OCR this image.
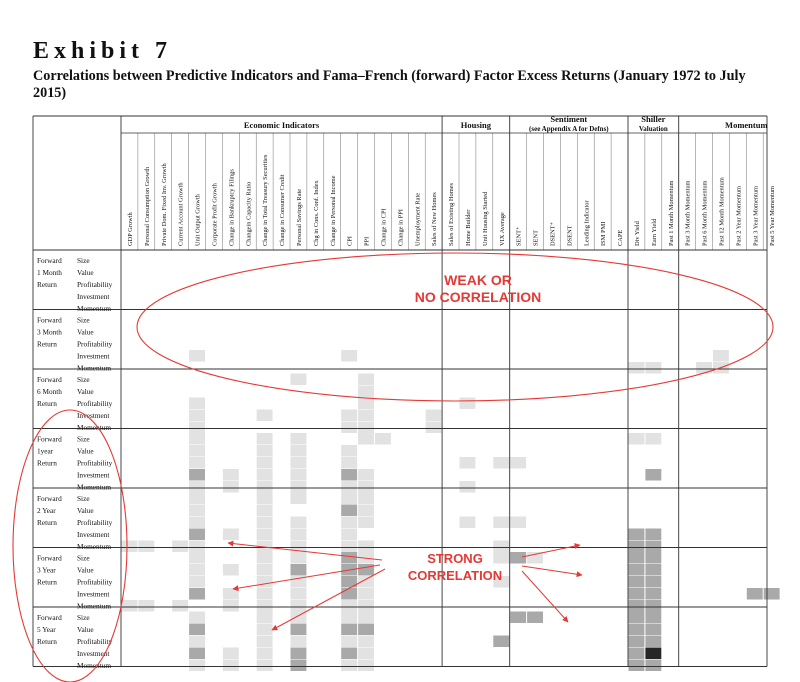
Exhibit 7
Correlations between Predictive Indicators and Fama–French (forward) Factor Excess Returns (January 1972 to July 2015)
Economic Indicators	Housing
Sentiment
(see Appendix A for Defns)
Shiller
Valuation	Momentum
GDP Growth Personal Consumption Growth Private Dom. Fixed Inv. Growth Current Account Growth Unit Output Growth Corporate Profit Growth Change in Bankruptcy Filings Changein Capacity Ratio Change in Total Treasury Securities Change in Consumer Credit Personal Savings Rate Chg in Cons. Conf. Index Change in Personal Income CPI PPI Change in CPI Change in PPI Unemployment Rate Sales of New Homes Sales of Existing Homes Home Builder Unit Housing Started VIX Average SENT⁺ SENT DSENT⁺ DSENT Leading Indicator ISM PMI CAPE Div Yield Earn Yield Past 1 Month Momentum Past 3 Month Momentum Past 6 Month Momentum Past 12 Month Momentum Past 2 Year Momentum Past 3 Year Momentum Past 5 Year Momentum
Forward
1 Month
Return
Size
Value
Profitability
Investment
Momentum
Forward
3 Month
Return
Size
Value
Profitability
Investment
Momentum
Forward
6 Month
Return
Size
Value
Profitability
Investment
Momentum
Forward
1year
Return
Size
Value
Profitability
Investment
Momentum
Forward
2 Year
Return
Size
Value
Profitability
Investment
Momentum
Forward
3 Year
Return
Size
Value
Profitability
Investment
Momentum
Forward
5 Year
Return
Size
Value
Profitability
Investment
Momentum
WEAK OR
NO CORRELATION
STRONG
CORRELATION
